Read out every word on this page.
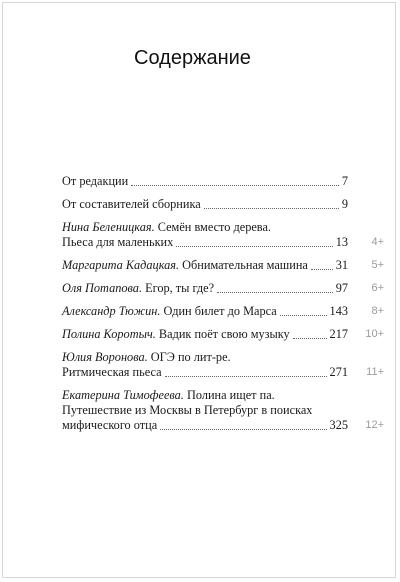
Содержание
От редакции	7
От составителей сборника	9
Нина Беленицкая. Семён вместо дерева.
Пьеса для маленьких	13 4+
Маргарита Кадацкая. Обнимательная машина 31 5+
Оля Потапова. Егор, ты где?	97 6+
Александр Тюжин. Один билет до Марса	143 8+
Полина Коротыч. Вадик поёт свою музыку	217 10+
Юлия Воронова. ОГЭ по лит-ре.
Ритмическая пьеса	271 11+
Екатерина Тимофеева. Полина ищет па.
Путешествие из Москвы в Петербург в поисках
мифического отца	325 12+
